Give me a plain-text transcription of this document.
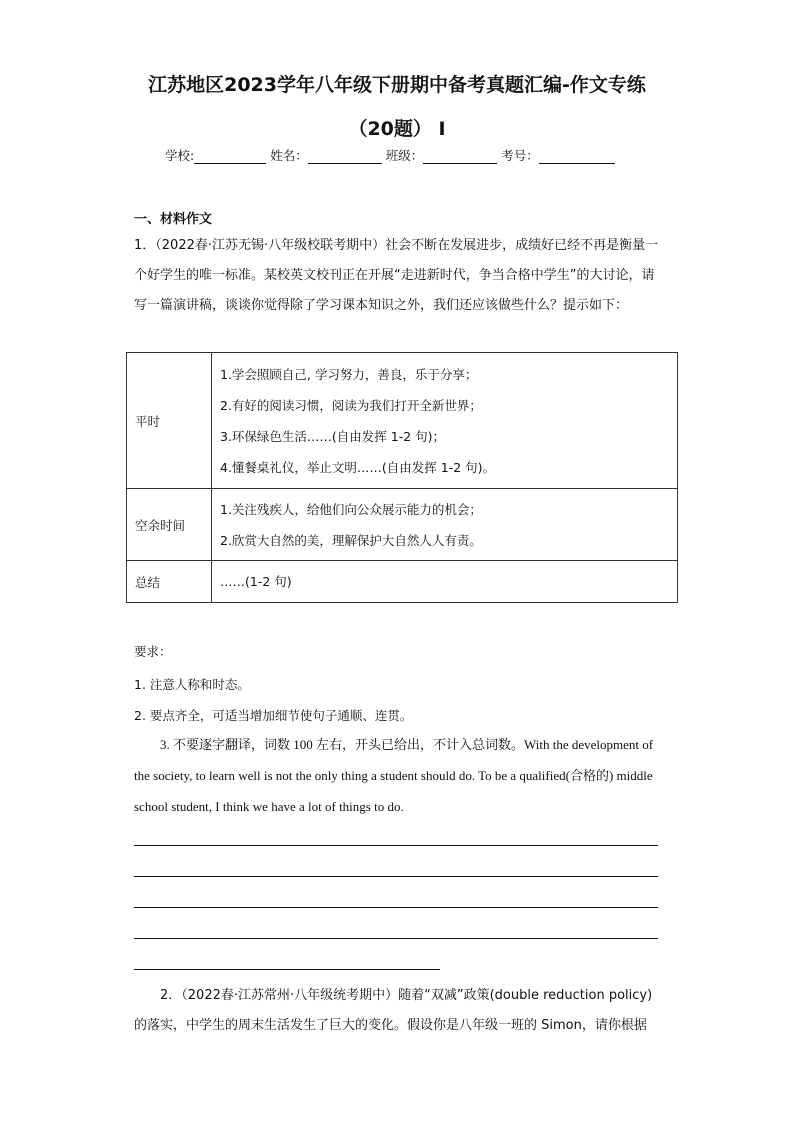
江苏地区2023学年八年级下册期中备考真题汇编-作文专练
（20题） I
学校:	姓名：	班级：	考号：
一、材料作文
1．（2022春·江苏无锡·八年级校联考期中）社会不断在发展进步，成绩好已经不再是衡量一个好学生的唯一标准。某校英文校刊正在开展“走进新时代，争当合格中学生”的大讨论，请写一篇演讲稿，谈谈你觉得除了学习课本知识之外，我们还应该做些什么？提示如下：
平时	1.学会照顾自己, 学习努力，善良，乐于分享；
2.有好的阅读习惯，阅读为我们打开全新世界；
3.环保绿色生活……(自由发挥 1-2 句)；
4.懂餐桌礼仪，举止文明……(自由发挥 1-2 句)。

空余时间	1.关注残疾人，给他们向公众展示能力的机会；
2.欣赏大自然的美，理解保护大自然人人有责。

总结	……(1-2 句)
要求：
1. 注意人称和时态。
2. 要点齐全，可适当增加细节使句子通顺、连贯。
3. 不要逐字翻译，词数 100 左右，开头已给出，不计入总词数。With the development of the society, to learn well is not the only thing a student should do. To be a qualified(合格的) middle school student, I think we have a lot of things to do.
2．（2022春·江苏常州·八年级统考期中）随着“双减”政策(double reduction policy)的落实，中学生的周末生活发生了巨大的变化。假设你是八年级一班的 Simon，请你根据
